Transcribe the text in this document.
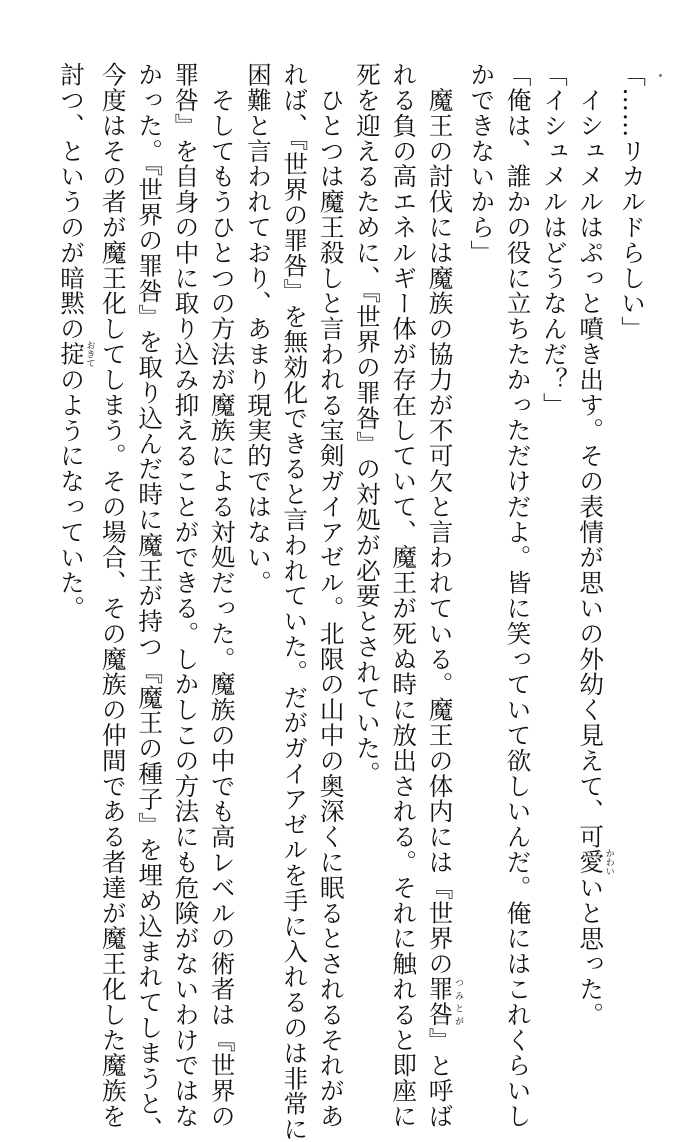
「……リカルドらしい」
　イシュメルはぷっと噴き出す。その表情が思いの外幼く見えて、可愛かわいいと思った。
「イシュメルはどうなんだ？」
「俺は、誰かの役に立ちたかっただけだよ。皆に笑っていて欲しいんだ。俺にはこれくらいし
かできないから」
　魔王の討伐には魔族の協力が不可欠と言われている。魔王の体内には『世界の罪咎つみとが』と呼ば
れる負の高エネルギー体が存在していて、魔王が死ぬ時に放出される。それに触れると即座に
死を迎えるために、『世界の罪咎』の対処が必要とされていた。
　ひとつは魔王殺しと言われる宝剣ガイアゼル。北限の山中の奥深くに眠るとされるそれがあ
れば、『世界の罪咎』を無効化できると言われていた。だがガイアゼルを手に入れるのは非常に
困難と言われており、あまり現実的ではない。
　そしてもうひとつの方法が魔族による対処だった。魔族の中でも高レベルの術者は『世界の
罪咎』を自身の中に取り込み抑えることができる。しかしこの方法にも危険がないわけではな
かった。『世界の罪咎』を取り込んだ時に魔王が持つ『魔王の種子』を埋め込まれてしまうと、
今度はその者が魔王化してしまう。その場合、その魔族の仲間である者達が魔王化した魔族を
討つ、というのが暗黙の掟おきてのようになっていた。
